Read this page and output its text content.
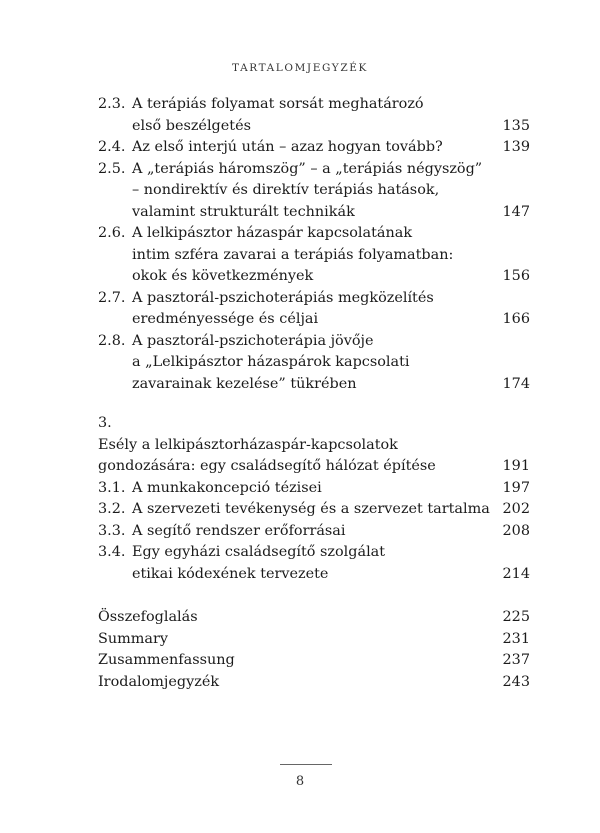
TARTALOMJEGYZÉK
2.3. A terápiás folyamat sorsát meghatározó
első beszélgetés	135
2.4. Az első interjú után – azaz hogyan tovább?	139
2.5. A „terápiás háromszög” – a „terápiás négyszög”
– nondirektív és direktív terápiás hatások,
valamint strukturált technikák	147
2.6. A lelkipásztor házaspár kapcsolatának
intim szféra zavarai a terápiás folyamatban:
okok és következmények	156
2.7. A pasztorál-pszichoterápiás megközelítés
eredményessége és céljai	166
2.8. A pasztorál-pszichoterápia jövője
a „Lelkipásztor házaspárok kapcsolati
zavarainak kezelése” tükrében	174
3.
Esély a lelkipásztorházaspár-kapcsolatok
gondozására: egy családsegítő hálózat építése	191
3.1. A munkakoncepció tézisei	197
3.2. A szervezeti tevékenység és a szervezet tartalma 202
3.3. A segítő rendszer erőforrásai	208
3.4. Egy egyházi családsegítő szolgálat
etikai kódexének tervezete	214
Összefoglalás	225
Summary	231
Zusammenfassung	237
Irodalomjegyzék	243
8
